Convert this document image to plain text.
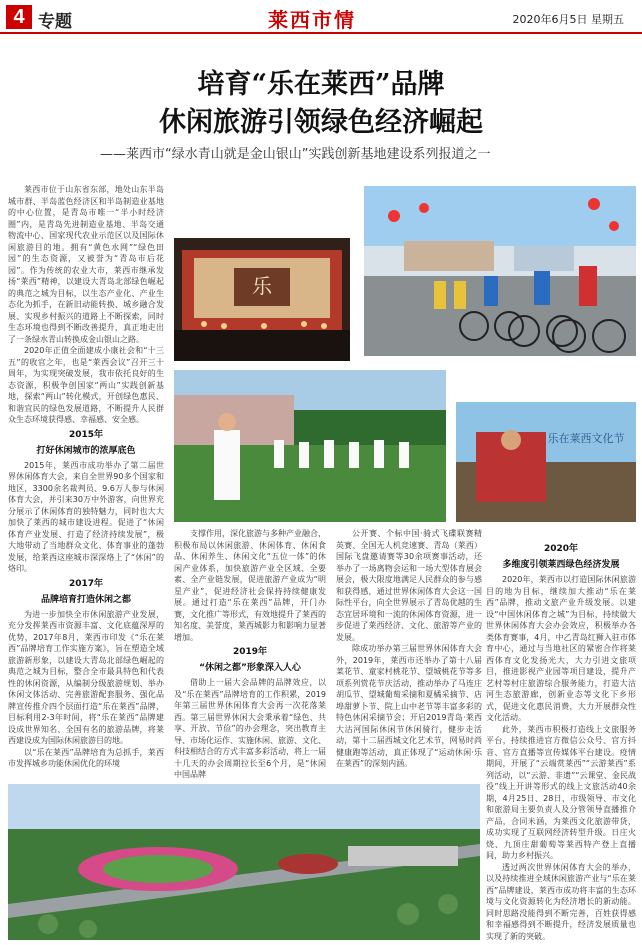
4 专题	莱西市情	2020年6月5日 星期五
培育“乐在莱西”品牌
休闲旅游引领绿色经济崛起
——莱西市“绿水青山就是金山银山”实践创新基地建设系列报道之一

莱西市位于山东省东部，地处山东半岛城市群、半岛蓝色经济区和半岛制造业基地的中心位置，是青岛市唯一“半小时经济圈”内，是青岛先进制造业基地、半岛交通物流中心、国家现代农业示范区以及国际休闲旅游目的地。拥有“黄色水网”“绿色田园”的生态资源，又被誉为“青岛市后花园”。作为传统的农业大市，莱西市继承发扬“莱西”精神，以建设大青岛北部绿色崛起的典范之城为目标，以生态产业化、产业生态化为抓手，在新旧动能转换、城乡融合发展、实现乡村振兴的道路上不断探索，同时生态环境也得到不断改善提升，真正地走出了一条绿水青山转换成金山银山之路。

2020年正值全面建成小康社会和“十三五”的收官之年，也是“莱西会议”召开三十周年，为实现突破发展，我市依托良好的生态资源，积极争创国家“两山”实践创新基地，探索“两山”转化模式，开创绿色惠民、和谐宜民的绿色发展道路，不断提升人民群众生态环境获得感、幸福感、安全感。

2015年
打好休闲城市的浓厚底色

2015年，莱西市成功举办了第二届世界休闲体育大会，来自全世界90多个国家和地区，3300余名裁判员、9.6万人参与休闲体育大会，并引来30万中外游客，向世界充分展示了休闲体育的独特魅力，同时也大大加快了莱西的城市建设进程。促进了“休闲体育产业发展、打造了经济持续发展”，极大地带动了当地群众文化、体育事业的蓬勃发展，给莱西这座城市深深烙上了“休闲”的烙印。

2017年
品牌培育打造休闲之都

为进一步加快全市休闲旅游产业发展，充分发挥莱西市资源丰富、文化底蕴深厚的优势，2017年8月，莱西市印发《“乐在莱西”品牌培育工作实施方案》，旨在塑造全域旅游新形象，以建设大青岛北部绿色崛起的典范之城为目标，整合全市最具特色和代表性的休闲资源，从编制分级旅游规划、举办休闲文体活动、完善旅游配套服务、强化品牌宣传推介四个层面打造“乐在莱西”品牌，目标利用2-3年时间，将“乐在莱西”品牌建设成世界知名、全国有名的旅游品牌，将莱西建设成为国际休闲旅游目的地。

以“乐在莱西”品牌培育为总抓手，莱西市发挥城乡功能休闲优化的环境

乐
乐在莱西文化节

支撑作用，深化旅游与多种产业融合，积极布局以休闲旅游、休闲体育、休闲食品、休闲养生、休闲文化“五位一体”的休闲产业体系，加快旅游产业全区域、全要素、全产业链发展，促进旅游产业成为“明星产业”，促进经济社会保持持续健康发展。通过打造“乐在莱西”品牌，开门办赛，文化推广等形式，有效地提升了莱西的知名度、美誉度，莱西城影力和影响力显著增加。

2019年
“休闲之都”形象深入人心

借助上一届大会品牌的品牌效应，以及“乐在莱西”品牌培育的工作积累，2019年第三届世界休闲体育大会再一次花落莱西。第三届世界休闲大会秉承着“绿色、共享、开放、节俭”的办会理念，突出教育主导、市场化运作、实施休闲、旅游、文化、科技相结合的方式丰富多彩活动，将上一届十几天的办会周期拉长至6个月，是“休闲中国品牌

公开赛、个标中国·骑式飞碟联赛精英赛、全国无人机竞速赛、青岛（莱西）国际飞盘邀请赛等30余项赛事活动，还举办了一场离物会运和一场大型体育展会展会，极大限度地满足人民群众的参与感和获得感，通过世界休闲体育大会这一国际性平台，向全世界展示了青岛优越的生态宜居环境和一流的休闲体育资源，进一步促进了莱西经济、文化、旅游等产业的发展。

除成功举办第三届世界休闲体育大会外，2019年，莱西市还举办了第十八届菜花节、童家村桃花节、望城桃花节等多项系列赏花节庆活动，推动举办了马连庄胡瓜节、望城葡萄采摘和夏橘采摘节、店埠甜萝卜节、院上山中老节等丰富多彩的特色休闲采摘节会；开启2019青岛·莱西大沽河国际休闲节休闲骑行，健步走活动，第十二届西城文化艺术节，网易时尚健康跑等活动，真正体现了“运动休闲·乐在莱西”的深刻内涵。

2020年
多维度引领莱西绿色经济发展

2020年，莱西市以打造国际休闲旅游目的地为目标，继续加大推动“乐在莱西”品牌，推动文旅产业升级发展。以建设“中国休闲体育之城”为目标，持续做大世界休闲体育大会办会效应，积极举办各类体育赛事，4月，中乙青岛红狮入驻市体育中心，通过与当地社区的紧密合作将莱西体育文化发扬光大，大力引进文旅项目，推进影视产业园等项目建设，提升产艺村等村庄旅游综合服务能力，打造大沽河生态旅游廊，创新业态等文化下乡形式，促进文化惠民消费，大力开展群众性文化活动。

此外，莱西市积极打造线上文旅服务平台，持续推进官方微信公众号、官方抖音、官方直播等宣传媒体平台建设。疫情期间，开展了“云端赏莱西”“云游莱西”系列活动，以“云游、非遗”“云课堂、金民战役”线上开讲等形式的线上文旅活动40余期，4月25日、28日，市级领导、市文化和旅游局主要负责人及分管领导直播推介产品，合同米涵，为莱西文化旅游带货，成功实现了互联网经济转型升级。日庄火烧、九顶庄甜葡萄等莱西特产登上直播间，助力乡村振兴。

透过两次世界休闲体育大会的举办，以及持续推进全域休闲旅游产业与“乐在莱西”品牌建设，莱西市成功将丰富的生态环境与文化资源转化为经济增长的新动能。同时思路没能得到不断完善，百姓获得感和幸福感得到不断提升，经济发展质量也实现了新的突破。
